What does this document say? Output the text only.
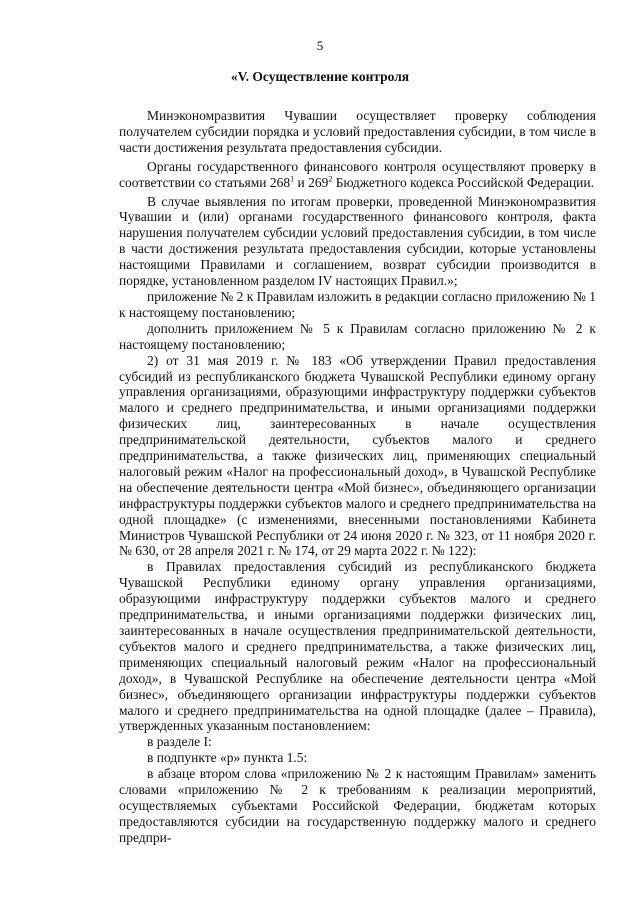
5
«V. Осуществление контроля

Минэкономразвития Чувашии осуществляет проверку соблюдения получателем субсидии порядка и условий предоставления субсидии, в том числе в части достижения результата предоставления субсидии.

Органы государственного финансового контроля осуществляют проверку в соответствии со статьями $268^1$ и $269^2$ Бюджетного кодекса Российской Федерации.

В случае выявления по итогам проверки, проведенной Минэкономразвития Чувашии и (или) органами государственного финансового контроля, факта нарушения получателем субсидии условий предоставления субсидии, в том числе в части достижения результата предоставления субсидии, которые установлены настоящими Правилами и соглашением, возврат субсидии производится в порядке, установленном разделом IV настоящих Правил.»;

приложение № 2 к Правилам изложить в редакции согласно приложению № 1 к настоящему постановлению;

дополнить приложением № 5 к Правилам согласно приложению № 2 к настоящему постановлению;

2) от 31 мая 2019 г. № 183 «Об утверждении Правил предоставления субсидий из республиканского бюджета Чувашской Республики единому органу управления организациями, образующими инфраструктуру поддержки субъектов малого и среднего предпринимательства, и иными организациями поддержки физических лиц, заинтересованных в начале осуществления предпринимательской деятельности, субъектов малого и среднего предпринимательства, а также физических лиц, применяющих специальный налоговый режим «Налог на профессиональный доход», в Чувашской Республике на обеспечение деятельности центра «Мой бизнес», объединяющего организации инфраструктуры поддержки субъектов малого и среднего предпринимательства на одной площадке» (с изменениями, внесенными постановлениями Кабинета Министров Чувашской Республики от 24 июня 2020 г. № 323, от 11 ноября 2020 г. № 630, от 28 апреля 2021 г. № 174, от 29 марта 2022 г. № 122):

в Правилах предоставления субсидий из республиканского бюджета Чувашской Республики единому органу управления организациями, образующими инфраструктуру поддержки субъектов малого и среднего предпринимательства, и иными организациями поддержки физических лиц, заинтересованных в начале осуществления предпринимательской деятельности, субъектов малого и среднего предпринимательства, а также физических лиц, применяющих специальный налоговый режим «Налог на профессиональный доход», в Чувашской Республике на обеспечение деятельности центра «Мой бизнес», объединяющего организации инфраструктуры поддержки субъектов малого и среднего предпринимательства на одной площадке (далее – Правила), утвержденных указанным постановлением:

в разделе I:

в подпункте «р» пункта 1.5:

в абзаце втором слова «приложению № 2 к настоящим Правилам» заменить словами «приложению № 2 к требованиям к реализации мероприятий, осуществляемых субъектами Российской Федерации, бюджетам которых предоставляются субсидии на государственную поддержку малого и среднего предпри-
